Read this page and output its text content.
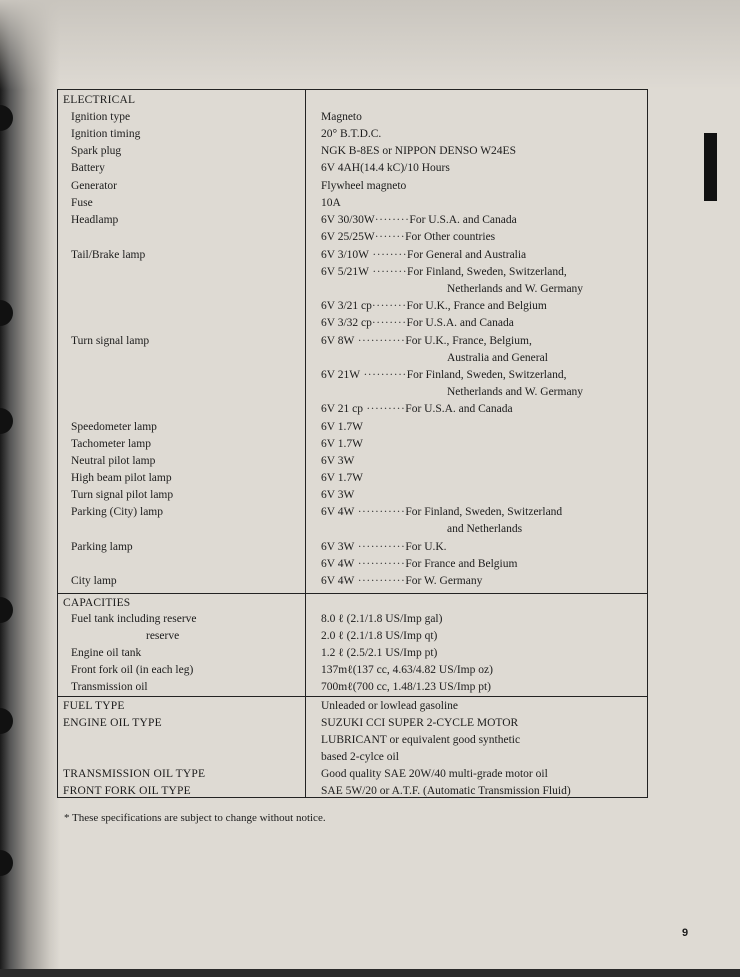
ELECTRICAL
Ignition type	Magneto
Ignition timing	20° B.T.D.C.
Spark plug	NGK B-8ES or NIPPON DENSO W24ES
Battery	6V 4AH(14.4 kC)/10 Hours
Generator	Flywheel magneto
Fuse	10A
Headlamp	6V 30/30W········For U.S.A. and Canada
6V 25/25W·······For Other countries
Tail/Brake lamp	6V 3/10W ········For General and Australia
6V 5/21W ········For Finland, Sweden, Switzerland,
Netherlands and W. Germany
6V 3/21 cp········For U.K., France and Belgium
6V 3/32 cp········For U.S.A. and Canada
Turn signal lamp	6V 8W ···········For U.K., France, Belgium,
Australia and General
6V 21W ··········For Finland, Sweden, Switzerland,
Netherlands and W. Germany
6V 21 cp ·········For U.S.A. and Canada
Speedometer lamp	6V 1.7W
Tachometer lamp	6V 1.7W
Neutral pilot lamp	6V 3W
High beam pilot lamp	6V 1.7W
Turn signal pilot lamp	6V 3W
Parking (City) lamp	6V 4W ···········For Finland, Sweden, Switzerland
and Netherlands
Parking lamp	6V 3W ···········For U.K.
6V 4W ···········For France and Belgium
City lamp	6V 4W ···········For W. Germany
CAPACITIES
Fuel tank including reserve	8.0 ℓ (2.1/1.8 US/Imp gal)
reserve	2.0 ℓ (2.1/1.8 US/Imp qt)
Engine oil tank	1.2 ℓ (2.5/2.1 US/Imp pt)
Front fork oil (in each leg)	137mℓ(137 cc, 4.63/4.82 US/Imp oz)
Transmission oil	700mℓ(700 cc, 1.48/1.23 US/Imp pt)
FUEL TYPE	Unleaded or lowlead gasoline
ENGINE OIL TYPE	SUZUKI CCI SUPER 2-CYCLE MOTOR
LUBRICANT or equivalent good synthetic
based 2-cylce oil
TRANSMISSION OIL TYPE	Good quality SAE 20W/40 multi-grade motor oil
FRONT FORK OIL TYPE	SAE 5W/20 or A.T.F. (Automatic Transmission Fluid)
* These specifications are subject to change without notice.
9
